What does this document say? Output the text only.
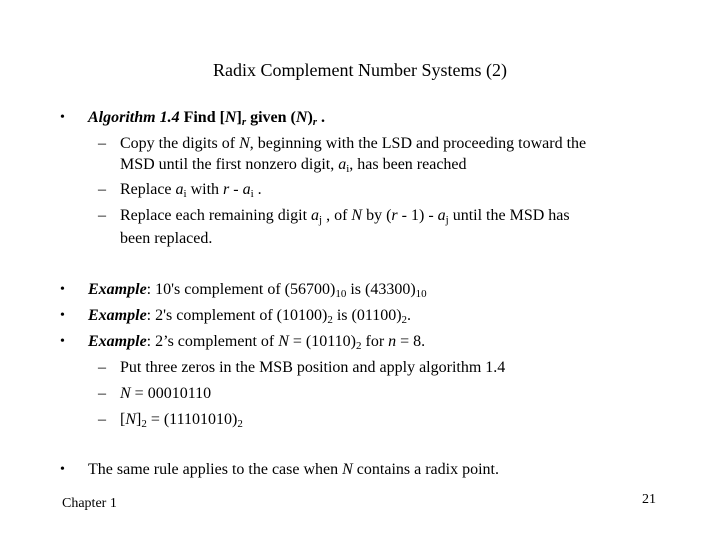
Radix Complement Number Systems (2)
• Algorithm 1.4 Find $[N]_r$ given $(N)_r$ .
– Copy the digits of N, beginning with the LSD and proceeding toward the
MSD until the first nonzero digit, $a_i$, has been reached
– Replace $a_i$ with r - $a_i$ .
– Replace each remaining digit $a_j$ , of N by $(r - 1) - a_j$ until the MSD has
been replaced.
• Example: 10's complement of $(56700)_{10}$ is $(43300)_{10}$
• Example: 2's complement of $(10100)_2$ is $(01100)_2$.
• Example: 2’s complement of $N = (10110)_2$ for n = 8.
– Put three zeros in the MSB position and apply algorithm 1.4
– N = 00010110
– $[N]_2 = (11101010)_2$
• The same rule applies to the case when N contains a radix point.
Chapter 1	21
